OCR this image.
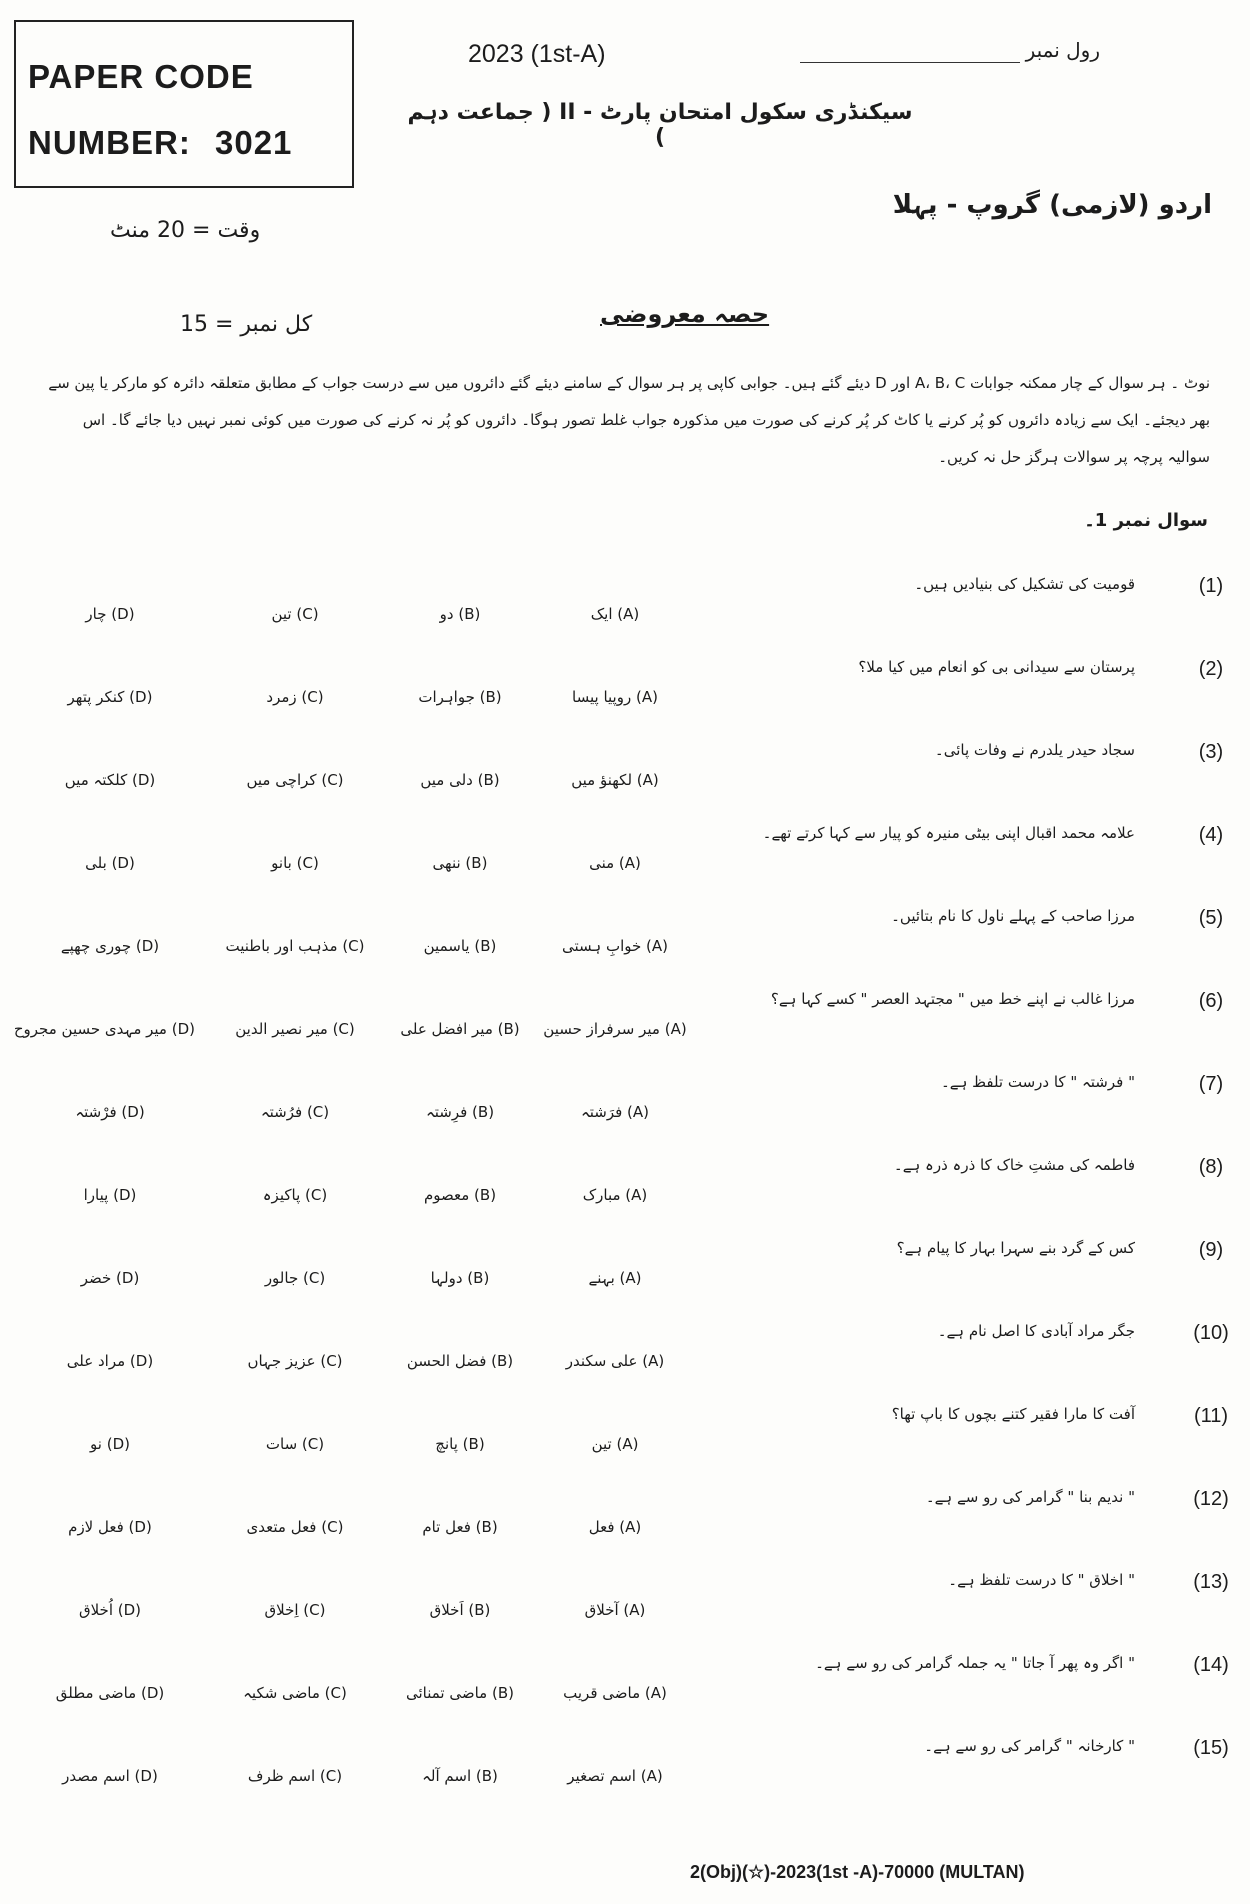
PAPER CODE
NUMBER: 3021
2023 (1st-A)	رول نمبر
سیکنڈری سکول امتحان پارٹ - II ( جماعت دہم )
اردو (لازمی) گروپ - پہلا
وقت = 20 منٹ
کل نمبر = 15	حصہ معروضی
نوٹ ۔ ہر سوال کے چار ممکنہ جوابات A، B، C اور D دیئے گئے ہیں۔ جوابی کاپی پر ہر سوال کے سامنے دیئے گئے دائروں میں سے درست جواب کے مطابق متعلقہ دائرہ کو مارکر یا پین سے بھر دیجئے۔ ایک سے زیادہ دائروں کو پُر کرنے یا کاٹ کر پُر کرنے کی صورت میں مذکورہ جواب غلط تصور ہوگا۔ دائروں کو پُر نہ کرنے کی صورت میں کوئی نمبر نہیں دیا جائے گا۔ اس سوالیہ پرچہ پر سوالات ہرگز حل نہ کریں۔
سوال نمبر 1۔
(1)
قومیت کی تشکیل کی بنیادیں ہیں۔
(A) ایک
(B) دو
(C) تین
(D) چار
(2)
پرستان سے سیدانی بی کو انعام میں کیا ملا؟
(A) روپیا پیسا
(B) جواہرات
(C) زمرد
(D) کنکر پتھر
(3)
سجاد حیدر یلدرم نے وفات پائی۔
(A) لکھنؤ میں
(B) دلی میں
(C) کراچی میں
(D) کلکتہ میں
(4)
علامہ محمد اقبال اپنی بیٹی منیرہ کو پیار سے کہا کرتے تھے۔
(A) منی
(B) ننھی
(C) بانو
(D) بلی
(5)
مرزا صاحب کے پہلے ناول کا نام بتائیں۔
(A) خوابِ ہستی
(B) یاسمین
(C) مذہب اور باطنیت
(D) چوری چھپے
(6)
مرزا غالب نے اپنے خط میں " مجتہد العصر " کسے کہا ہے؟
(A) میر سرفراز حسین
(B) میر افضل علی
(C) میر نصیر الدین
(D) میر مہدی حسین مجروح
(7)
" فرشتہ " کا درست تلفظ ہے۔
(A) فرَشتہ
(B) فرِشتہ
(C) فرُشتہ
(D) فرْشتہ
(8)
فاطمہ کی مشتِ خاک کا ذرہ ذرہ ہے۔
(A) مبارک
(B) معصوم
(C) پاکیزہ
(D) پیارا
(9)
کس کے گرد بنے سہرا بہار کا پیام ہے؟
(A) بہنے
(B) دولہا
(C) جالور
(D) خضر
(10)
جگر مراد آبادی کا اصل نام ہے۔
(A) علی سکندر
(B) فضل الحسن
(C) عزیز جہاں
(D) مراد علی
(11)
آفت کا مارا فقیر کتنے بچوں کا باپ تھا؟
(A) تین
(B) پانچ
(C) سات
(D) نو
(12)
" ندیم بنا " گرامر کی رو سے ہے۔
(A) فعل
(B) فعل تام
(C) فعل متعدی
(D) فعل لازم
(13)
" اخلاق " کا درست تلفظ ہے۔
(A) آخلاق
(B) اَخلاق
(C) اِخلاق
(D) اُخلاق
(14)
" اگر وہ پھر آ جاتا " یہ جملہ گرامر کی رو سے ہے۔
(A) ماضی قریب
(B) ماضی تمنائی
(C) ماضی شکیہ
(D) ماضی مطلق
(15)
" کارخانہ " گرامر کی رو سے ہے۔
(A) اسم تصغیر
(B) اسم آلہ
(C) اسم ظرف
(D) اسم مصدر
2(Obj)(☆)-2023(1st -A)-70000 (MULTAN)
